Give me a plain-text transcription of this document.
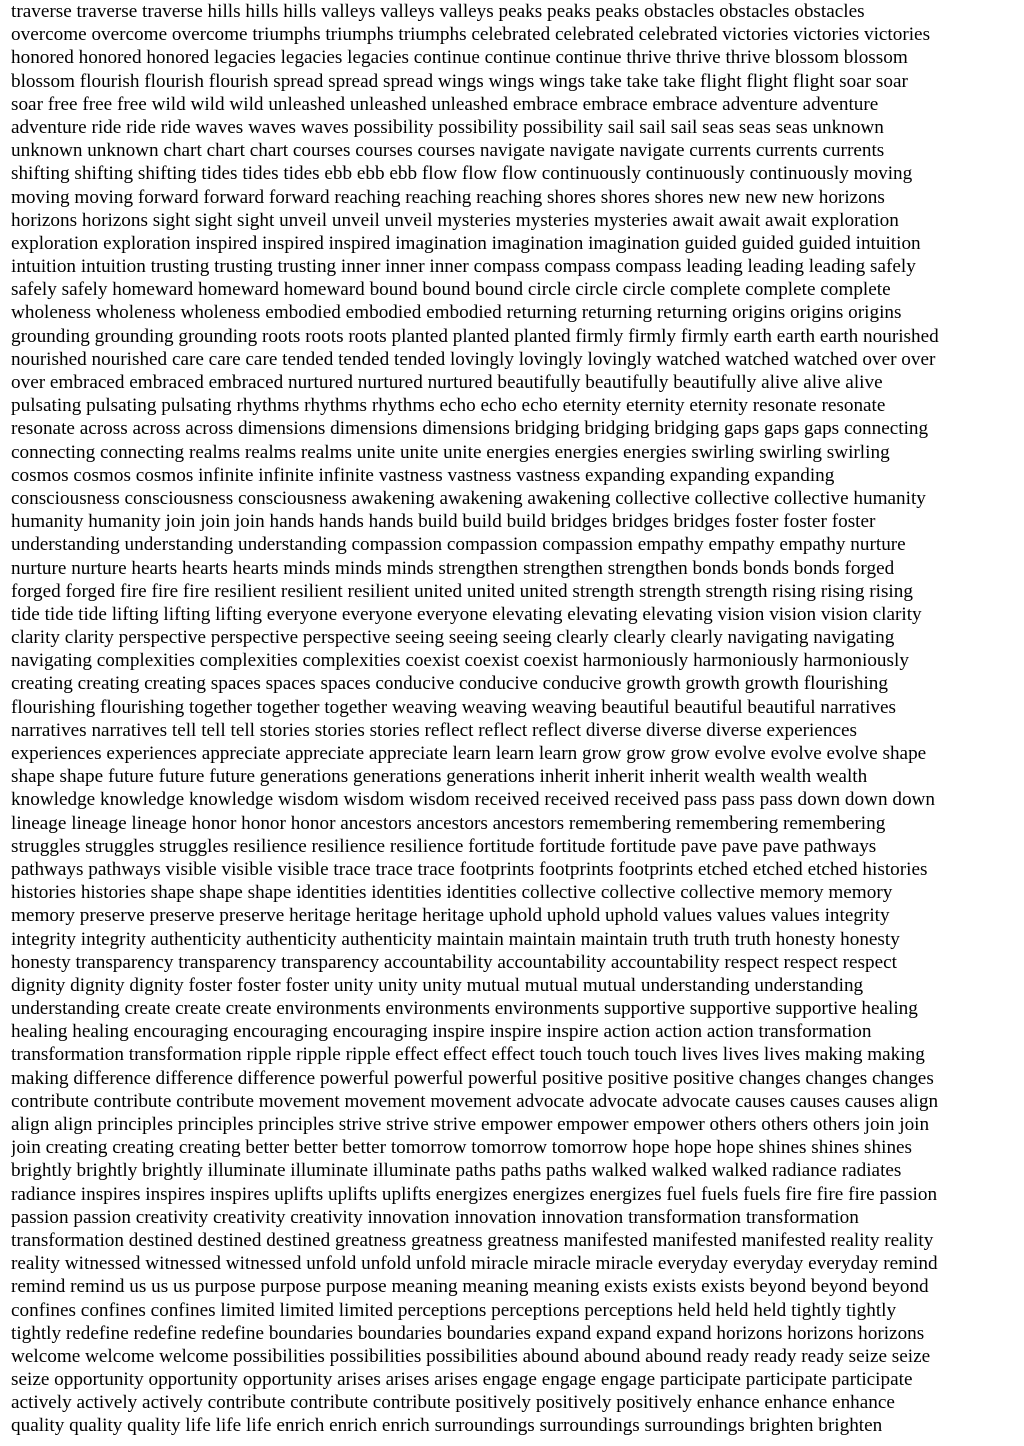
traverse traverse traverse hills hills hills valleys valleys valleys peaks peaks peaks obstacles obstacles obstacles
overcome overcome overcome triumphs triumphs triumphs celebrated celebrated celebrated victories victories victories
honored honored honored legacies legacies legacies continue continue continue thrive thrive thrive blossom blossom
blossom flourish flourish flourish spread spread spread wings wings wings take take take flight flight flight soar soar
soar free free free wild wild wild unleashed unleashed unleashed embrace embrace embrace adventure adventure
adventure ride ride ride waves waves waves possibility possibility possibility sail sail sail seas seas seas unknown
unknown unknown chart chart chart courses courses courses navigate navigate navigate currents currents currents
shifting shifting shifting tides tides tides ebb ebb ebb flow flow flow continuously continuously continuously moving
moving moving forward forward forward reaching reaching reaching shores shores shores new new new horizons
horizons horizons sight sight sight unveil unveil unveil mysteries mysteries mysteries await await await exploration
exploration exploration inspired inspired inspired imagination imagination imagination guided guided guided intuition
intuition intuition trusting trusting trusting inner inner inner compass compass compass leading leading leading safely
safely safely homeward homeward homeward bound bound bound circle circle circle complete complete complete
wholeness wholeness wholeness embodied embodied embodied returning returning returning origins origins origins
grounding grounding grounding roots roots roots planted planted planted firmly firmly firmly earth earth earth nourished
nourished nourished care care care tended tended tended lovingly lovingly lovingly watched watched watched over over
over embraced embraced embraced nurtured nurtured nurtured beautifully beautifully beautifully alive alive alive
pulsating pulsating pulsating rhythms rhythms rhythms echo echo echo eternity eternity eternity resonate resonate
resonate across across across dimensions dimensions dimensions bridging bridging bridging gaps gaps gaps connecting
connecting connecting realms realms realms unite unite unite energies energies energies swirling swirling swirling
cosmos cosmos cosmos infinite infinite infinite vastness vastness vastness expanding expanding expanding
consciousness consciousness consciousness awakening awakening awakening collective collective collective humanity
humanity humanity join join join hands hands hands build build build bridges bridges bridges foster foster foster
understanding understanding understanding compassion compassion compassion empathy empathy empathy nurture
nurture nurture hearts hearts hearts minds minds minds strengthen strengthen strengthen bonds bonds bonds forged
forged forged fire fire fire resilient resilient resilient united united united strength strength strength rising rising rising
tide tide tide lifting lifting lifting everyone everyone everyone elevating elevating elevating vision vision vision clarity
clarity clarity perspective perspective perspective seeing seeing seeing clearly clearly clearly navigating navigating
navigating complexities complexities complexities coexist coexist coexist harmoniously harmoniously harmoniously
creating creating creating spaces spaces spaces conducive conducive conducive growth growth growth flourishing
flourishing flourishing together together together weaving weaving weaving beautiful beautiful beautiful narratives
narratives narratives tell tell tell stories stories stories reflect reflect reflect diverse diverse diverse experiences
experiences experiences appreciate appreciate appreciate learn learn learn grow grow grow evolve evolve evolve shape
shape shape future future future generations generations generations inherit inherit inherit wealth wealth wealth
knowledge knowledge knowledge wisdom wisdom wisdom received received received pass pass pass down down down
lineage lineage lineage honor honor honor ancestors ancestors ancestors remembering remembering remembering
struggles struggles struggles resilience resilience resilience fortitude fortitude fortitude pave pave pave pathways
pathways pathways visible visible visible trace trace trace footprints footprints footprints etched etched etched histories
histories histories shape shape shape identities identities identities collective collective collective memory memory
memory preserve preserve preserve heritage heritage heritage uphold uphold uphold values values values integrity
integrity integrity authenticity authenticity authenticity maintain maintain maintain truth truth truth honesty honesty
honesty transparency transparency transparency accountability accountability accountability respect respect respect
dignity dignity dignity foster foster foster unity unity unity mutual mutual mutual understanding understanding
understanding create create create environments environments environments supportive supportive supportive healing
healing healing encouraging encouraging encouraging inspire inspire inspire action action action transformation
transformation transformation ripple ripple ripple effect effect effect touch touch touch lives lives lives making making
making difference difference difference powerful powerful powerful positive positive positive changes changes changes
contribute contribute contribute movement movement movement advocate advocate advocate causes causes causes align
align align principles principles principles strive strive strive empower empower empower others others others join join
join creating creating creating better better better tomorrow tomorrow tomorrow hope hope hope shines shines shines
brightly brightly brightly illuminate illuminate illuminate paths paths paths walked walked walked radiance radiates
radiance inspires inspires inspires uplifts uplifts uplifts energizes energizes energizes fuel fuels fuels fire fire fire passion
passion passion creativity creativity creativity innovation innovation innovation transformation transformation
transformation destined destined destined greatness greatness greatness manifested manifested manifested reality reality
reality witnessed witnessed witnessed unfold unfold unfold miracle miracle miracle everyday everyday everyday remind
remind remind us us us purpose purpose purpose meaning meaning meaning exists exists exists beyond beyond beyond
confines confines confines limited limited limited perceptions perceptions perceptions held held held tightly tightly
tightly redefine redefine redefine boundaries boundaries boundaries expand expand expand horizons horizons horizons
welcome welcome welcome possibilities possibilities possibilities abound abound abound ready ready ready seize seize
seize opportunity opportunity opportunity arises arises arises engage engage engage participate participate participate
actively actively actively contribute contribute contribute positively positively positively enhance enhance enhance
quality quality quality life life life enrich enrich enrich surroundings surroundings surroundings brighten brighten
